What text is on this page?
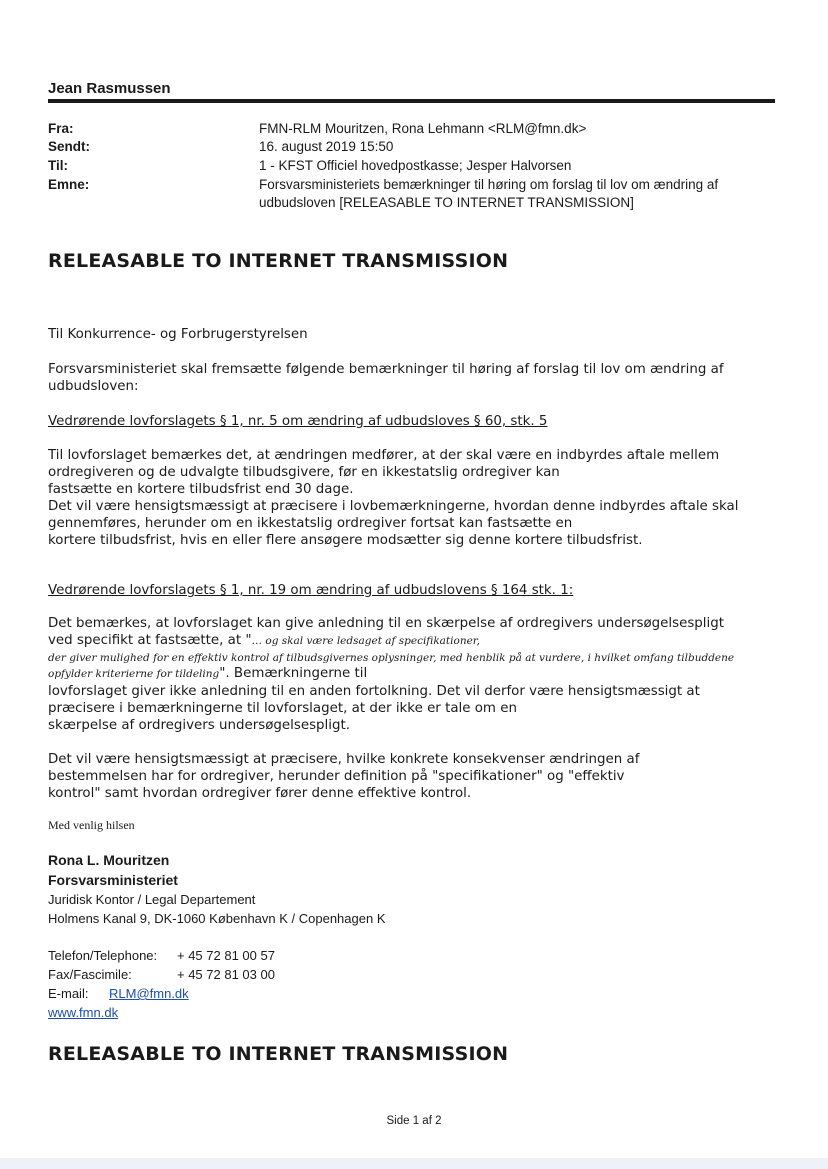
Jean Rasmussen
Fra:	FMN-RLM Mouritzen, Rona Lehmann <RLM@fmn.dk>
Sendt:	16. august 2019 15:50
Til:	1 - KFST Officiel hovedpostkasse; Jesper Halvorsen
Emne:	Forsvarsministeriets bemærkninger til høring om forslag til lov om ændring af udbudsloven [RELEASABLE TO INTERNET TRANSMISSION]
RELEASABLE TO INTERNET TRANSMISSION
Til Konkurrence- og Forbrugerstyrelsen
Forsvarsministeriet skal fremsætte følgende bemærkninger til høring af forslag til lov om ændring af udbudsloven:
Vedrørende lovforslagets § 1, nr. 5 om ændring af udbudsloves § 60, stk. 5
Til lovforslaget bemærkes det, at ændringen medfører, at der skal være en indbyrdes aftale mellem
ordregiveren og de udvalgte tilbudsgivere, før en ikkestatslig ordregiver kan
fastsætte en kortere tilbudsfrist end 30 dage.
Det vil være hensigtsmæssigt at præcisere i lovbemærkningerne, hvordan denne indbyrdes aftale skal
gennemføres, herunder om en ikkestatslig ordregiver fortsat kan fastsætte en
kortere tilbudsfrist, hvis en eller flere ansøgere modsætter sig denne kortere tilbudsfrist.
Vedrørende lovforslagets § 1, nr. 19 om ændring af udbudslovens § 164 stk. 1:
Det bemærkes, at lovforslaget kan give anledning til en skærpelse af ordregivers undersøgelsespligt
ved specifikt at fastsætte, at "… og skal være ledsaget af specifikationer,
der giver mulighed for en effektiv kontrol af tilbudsgivernes oplysninger, med henblik på at vurdere, i hvilket omfang tilbuddene
opfylder kriterierne for tildeling". Bemærkningerne til
lovforslaget giver ikke anledning til en anden fortolkning. Det vil derfor være hensigtsmæssigt at
præcisere i bemærkningerne til lovforslaget, at der ikke er tale om en
skærpelse af ordregivers undersøgelsespligt.
Det vil være hensigtsmæssigt at præcisere, hvilke konkrete konsekvenser ændringen af
bestemmelsen har for ordregiver, herunder definition på "specifikationer" og "effektiv
kontrol" samt hvordan ordregiver fører denne effektive kontrol.
Med venlig hilsen
Rona L. Mouritzen
Forsvarsministeriet
Juridisk Kontor / Legal Departement
Holmens Kanal 9, DK-1060 København K / Copenhagen K
Telefon/Telephone: + 45 72 81 00 57
Fax/Fascimile:	+ 45 72 81 03 00
E-mail: RLM@fmn.dk
www.fmn.dk
RELEASABLE TO INTERNET TRANSMISSION
Side 1 af 2
